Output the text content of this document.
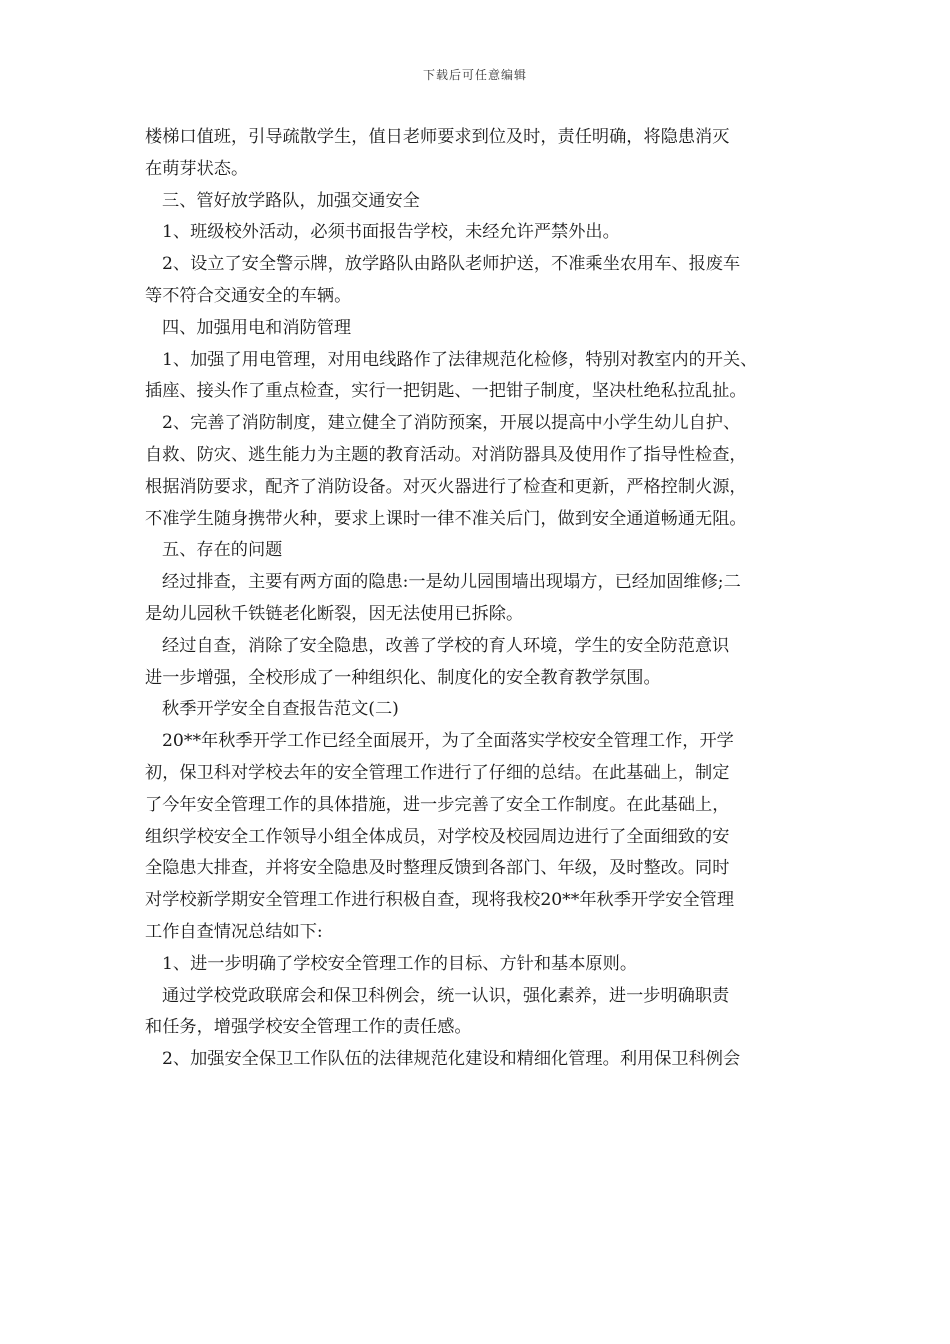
下载后可任意编辑
楼梯口值班，引导疏散学生，值日老师要求到位及时，责任明确，将隐患消灭
在萌芽状态。
三、管好放学路队，加强交通安全
1、班级校外活动，必须书面报告学校，未经允许严禁外出。
2、设立了安全警示牌，放学路队由路队老师护送，不准乘坐农用车、报废车
等不符合交通安全的车辆。
四、加强用电和消防管理
1、加强了用电管理，对用电线路作了法律规范化检修，特别对教室内的开关、
插座、接头作了重点检查，实行一把钥匙、一把钳子制度，坚决杜绝私拉乱扯。
2、完善了消防制度，建立健全了消防预案，开展以提高中小学生幼儿自护、
自救、防灾、逃生能力为主题的教育活动。对消防器具及使用作了指导性检查，
根据消防要求，配齐了消防设备。对灭火器进行了检查和更新，严格控制火源，
不准学生随身携带火种，要求上课时一律不准关后门，做到安全通道畅通无阻。
五、存在的问题
经过排查，主要有两方面的隐患:一是幼儿园围墙出现塌方，已经加固维修;二
是幼儿园秋千铁链老化断裂，因无法使用已拆除。
经过自查，消除了安全隐患，改善了学校的育人环境，学生的安全防范意识
进一步增强，全校形成了一种组织化、制度化的安全教育教学氛围。
秋季开学安全自查报告范文(二)
20**年秋季开学工作已经全面展开，为了全面落实学校安全管理工作，开学
初，保卫科对学校去年的安全管理工作进行了仔细的总结。在此基础上，制定
了今年安全管理工作的具体措施，进一步完善了安全工作制度。在此基础上，
组织学校安全工作领导小组全体成员，对学校及校园周边进行了全面细致的安
全隐患大排查，并将安全隐患及时整理反馈到各部门、年级，及时整改。同时
对学校新学期安全管理工作进行积极自查，现将我校20**年秋季开学安全管理
工作自查情况总结如下:
1、进一步明确了学校安全管理工作的目标、方针和基本原则。
通过学校党政联席会和保卫科例会，统一认识，强化素养，进一步明确职责
和任务，增强学校安全管理工作的责任感。
2、加强安全保卫工作队伍的法律规范化建设和精细化管理。利用保卫科例会
